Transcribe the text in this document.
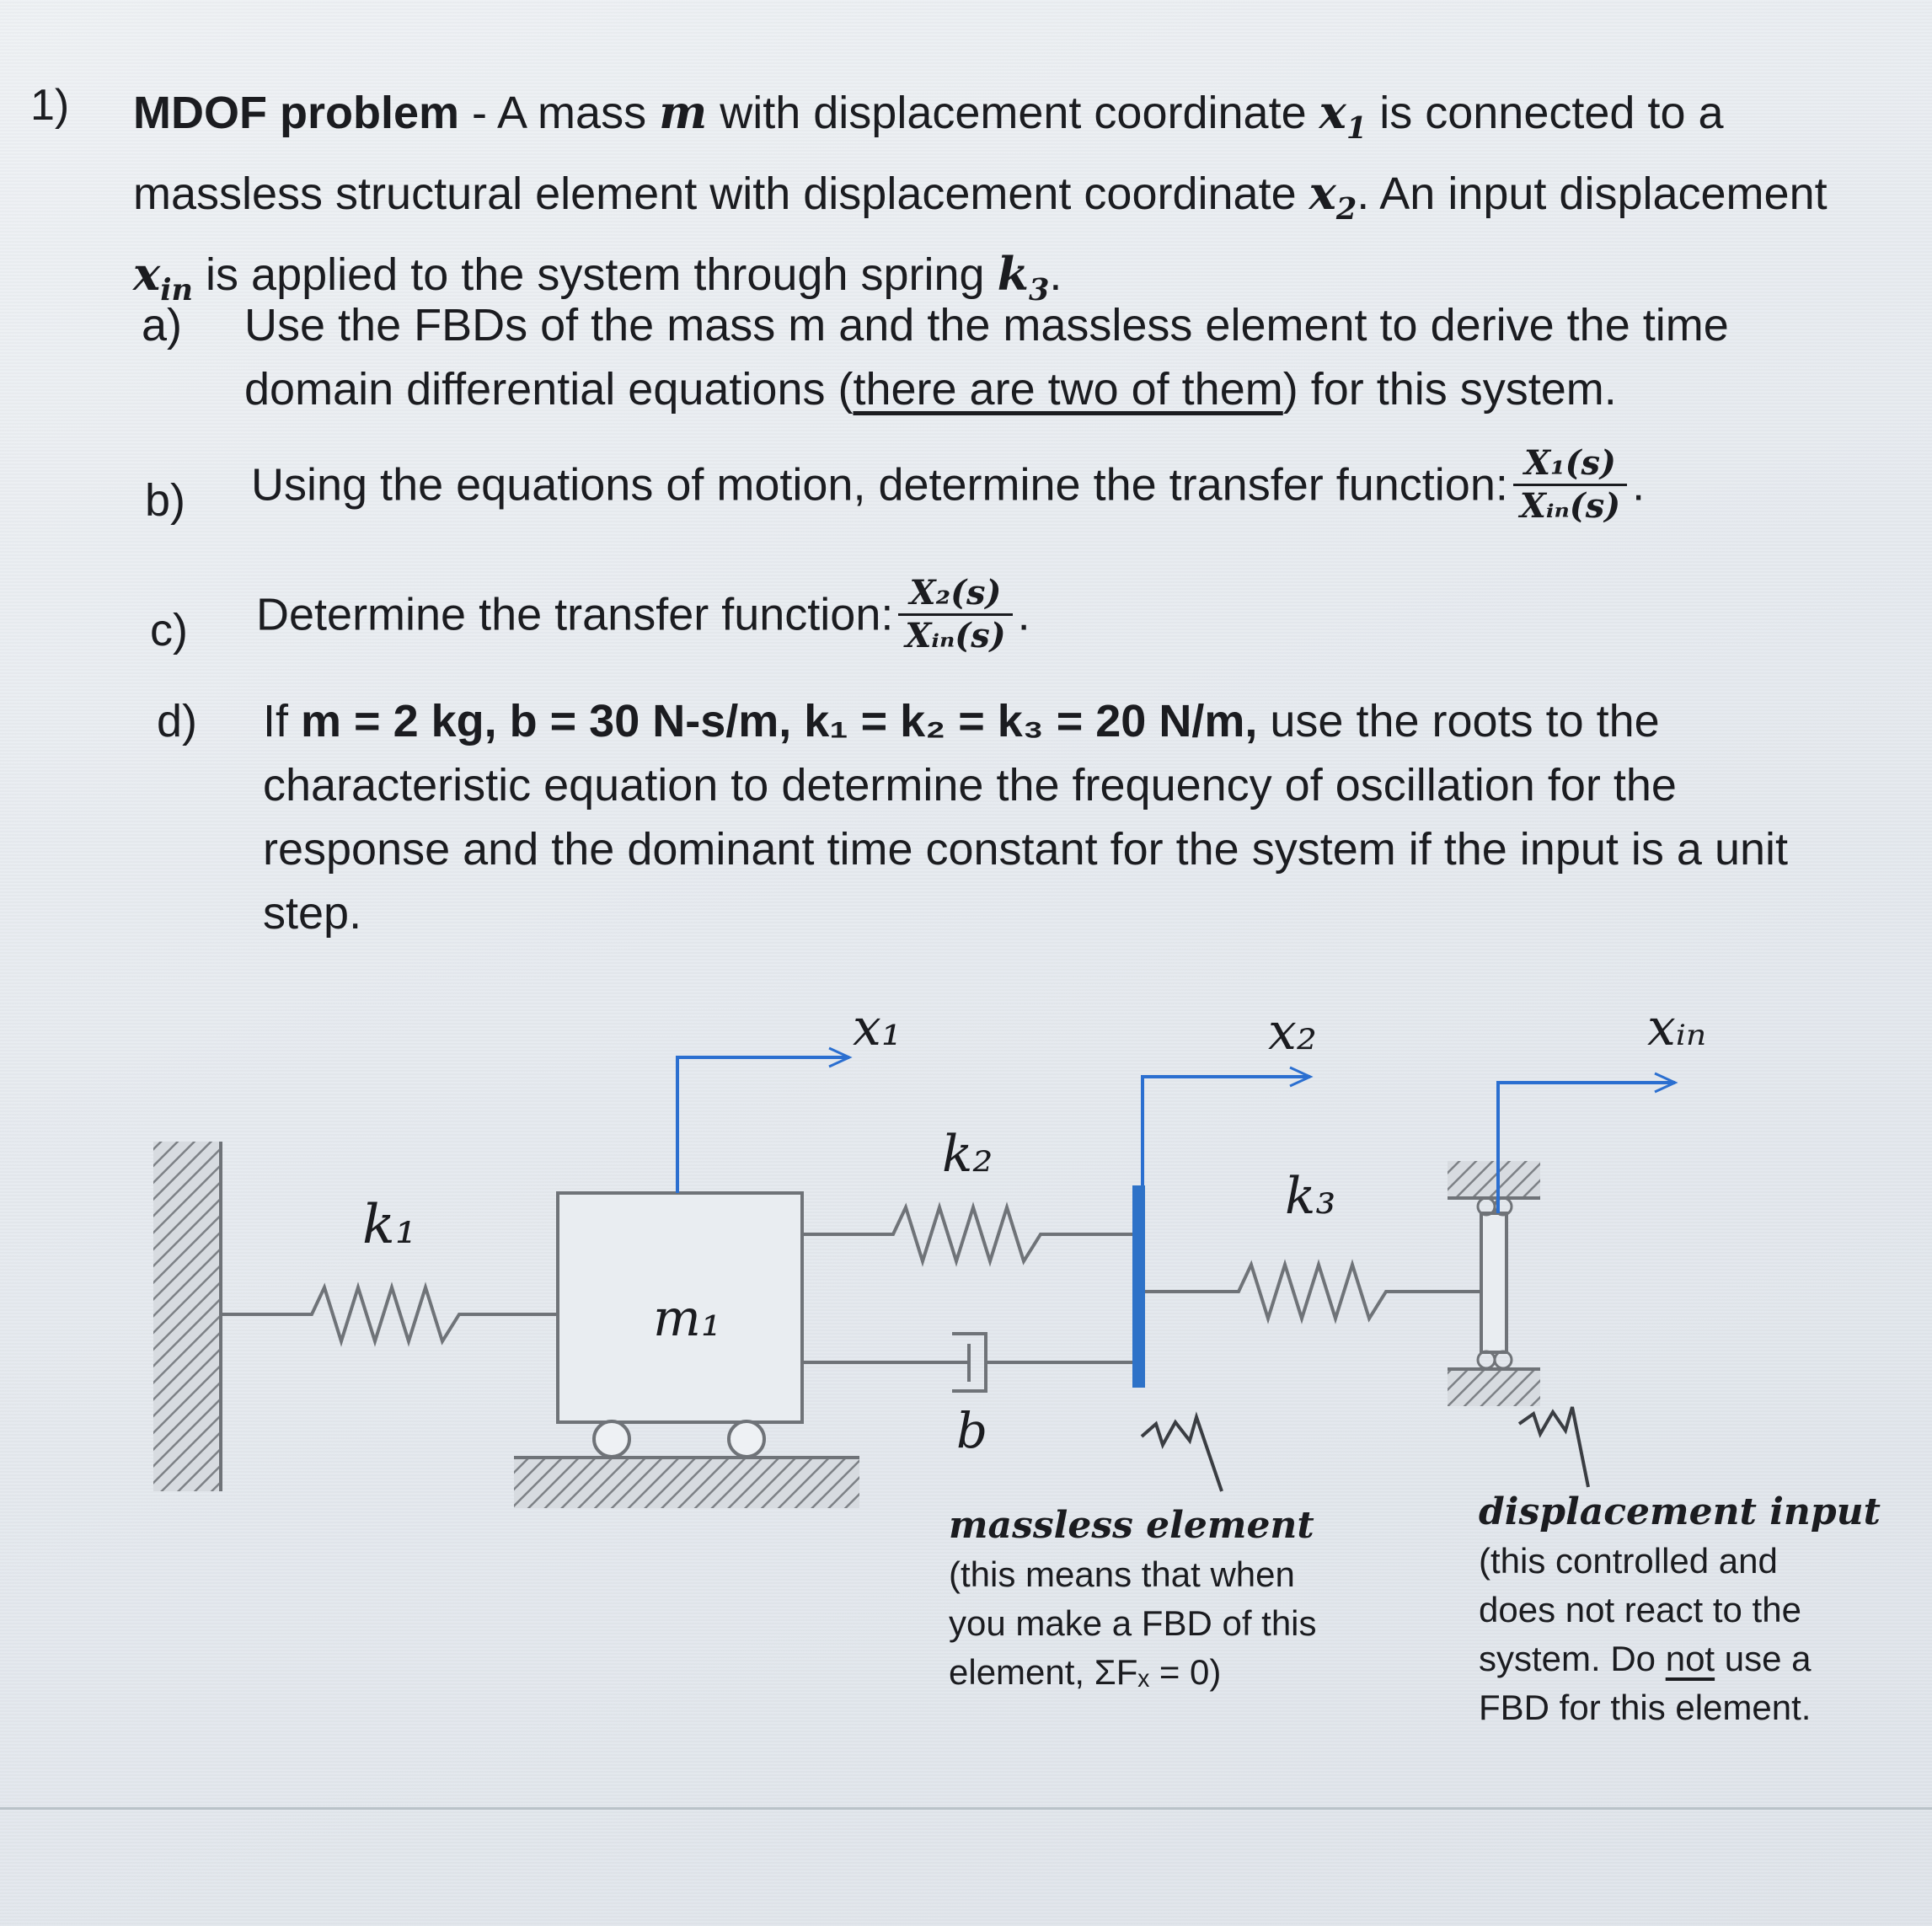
1) MDOF problem - A mass m with displacement coordinate $x_1$ is connected to a massless structural element with displacement coordinate $x_2$. An input displacement $x_{in}$ is applied to the system through spring $k_3$.
a) Use the FBDs of the mass m and the massless element to derive the time domain differential equations (there are two of them) for this system.
b) Using the equations of motion, determine the transfer function: $\frac{\text{X₁(s)}}{\text{Xᵢₙ(s)}}$ .
c) Determine the transfer function: $\frac{\text{X₂(s)}}{\text{Xᵢₙ(s)}}$ .
d) If m = 2 kg, b = 30 N-s/m, k₁ = k₂ = k₃ = 20 N/m, use the roots to the characteristic equation to determine the frequency of oscillation for the response and the dominant time constant for the system if the input is a unit step.
k₁
m₁
k₂
b
k₃
x₁	x₂	xᵢₙ
massless element
(this means that when
you make a FBD of this
element, ΣFₓ = 0)
displacement input
(this controlled and
does not react to the
system. Do not use a
FBD for this element.
